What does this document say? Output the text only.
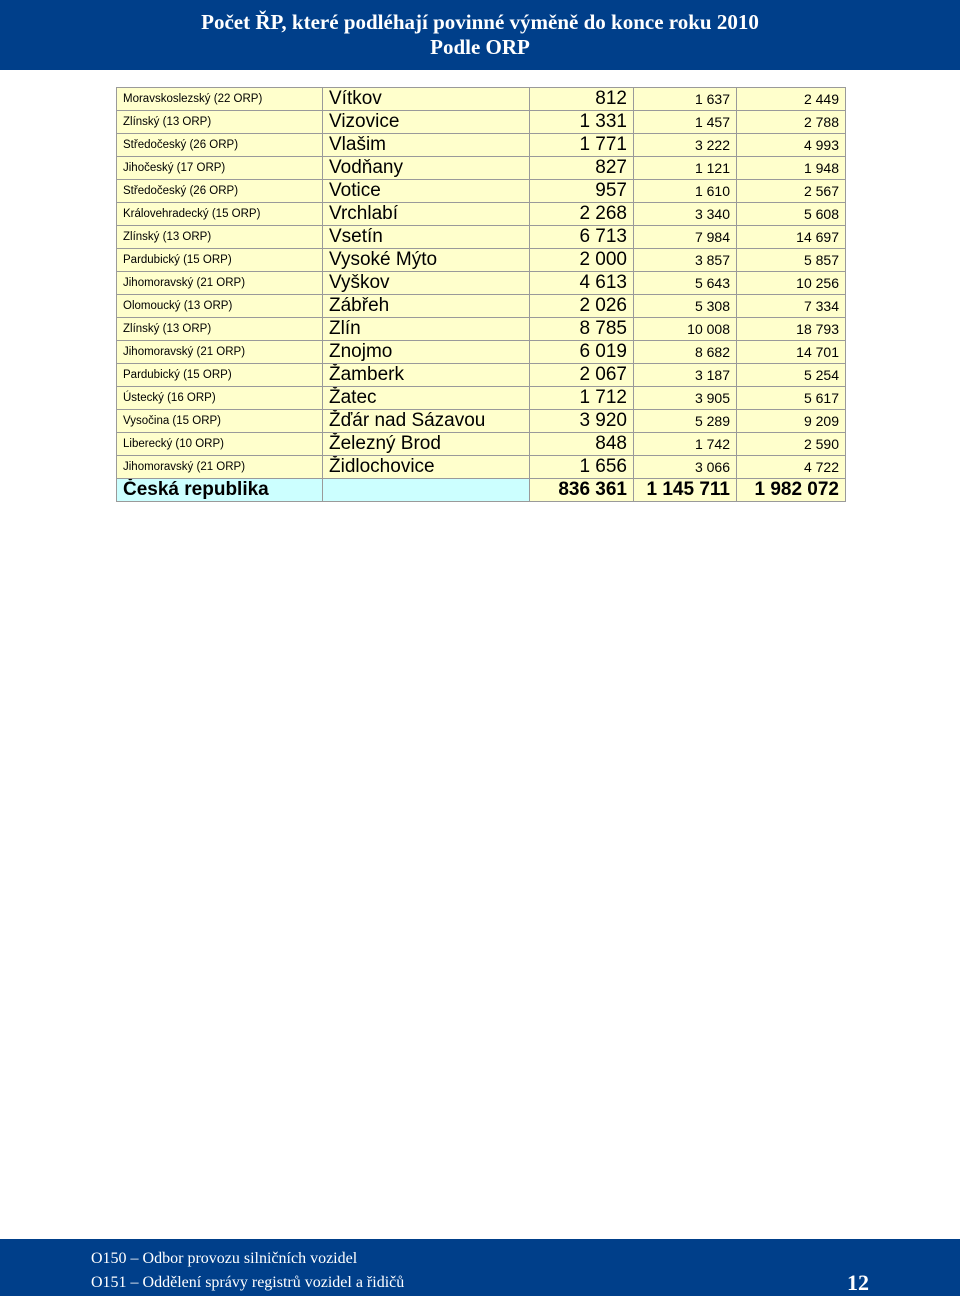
Počet ŘP, které podléhají povinné výměně do konce roku 2010
Podle ORP
Moravskoslezský (22 ORP)	Vítkov	812	1 637	2 449
Zlínský (13 ORP)	Vizovice	1 331	1 457	2 788
Středočeský (26 ORP)	Vlašim	1 771	3 222	4 993
Jihočeský (17 ORP)	Vodňany	827	1 121	1 948
Středočeský (26 ORP)	Votice	957	1 610	2 567
Královehradecký (15 ORP)	Vrchlabí	2 268	3 340	5 608
Zlínský (13 ORP)	Vsetín	6 713	7 984	14 697
Pardubický (15 ORP)	Vysoké Mýto	2 000	3 857	5 857
Jihomoravský (21 ORP)	Vyškov	4 613	5 643	10 256
Olomoucký (13 ORP)	Zábřeh	2 026	5 308	7 334
Zlínský (13 ORP)	Zlín	8 785	10 008	18 793
Jihomoravský (21 ORP)	Znojmo	6 019	8 682	14 701
Pardubický (15 ORP)	Žamberk	2 067	3 187	5 254
Ústecký (16 ORP)	Žatec	1 712	3 905	5 617
Vysočina (15 ORP)	Žďár nad Sázavou	3 920	5 289	9 209
Liberecký (10 ORP)	Železný Brod	848	1 742	2 590
Jihomoravský (21 ORP)	Židlochovice	1 656	3 066	4 722
Česká republika		836 361	1 145 711	1 982 072
O150 – Odbor provozu silničních vozidel
O151 – Oddělení správy registrů vozidel a řidičů	12
